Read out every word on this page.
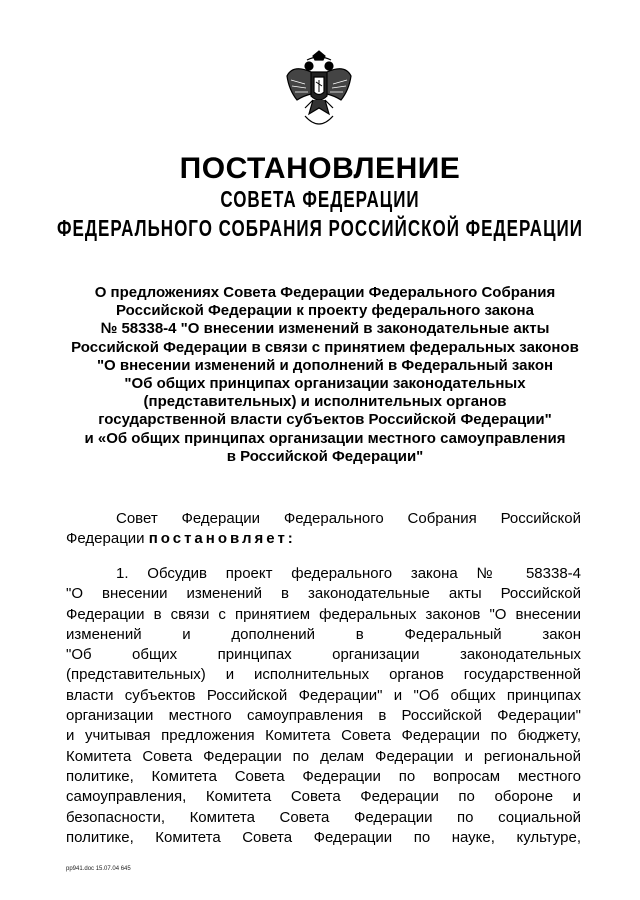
ПОСТАНОВЛЕНИЕ
СОВЕТА ФЕДЕРАЦИИ
ФЕДЕРАЛЬНОГО СОБРАНИЯ РОССИЙСКОЙ ФЕДЕРАЦИИ
О предложениях Совета Федерации Федерального Собрания
Российской Федерации к проекту федерального закона
№ 58338-4 "О внесении изменений в законодательные акты
Российской Федерации в связи с принятием федеральных законов
"О внесении изменений и дополнений в Федеральный закон
"Об общих принципах организации законодательных
(представительных) и исполнительных органов
государственной власти субъектов Российской Федерации"
и «Об общих принципах организации местного самоуправления
в Российской Федерации"
Совет Федерации Федерального Собрания Российской
Федерации постановляет:
1. Обсудив проект федерального закона № 58338-4
"О внесении изменений в законодательные акты Российской
Федерации в связи с принятием федеральных законов "О внесении
изменений и дополнений в Федеральный закон
"Об общих принципах организации законодательных
(представительных) и исполнительных органов государственной
власти субъектов Российской Федерации" и "Об общих принципах
организации местного самоуправления в Российской Федерации"
и учитывая предложения Комитета Совета Федерации по бюджету,
Комитета Совета Федерации по делам Федерации и региональной
политике, Комитета Совета Федерации по вопросам местного
самоуправления, Комитета Совета Федерации по обороне и
безопасности, Комитета Совета Федерации по социальной
политике, Комитета Совета Федерации по науке, культуре,
pp941.doc 15.07.04 645
